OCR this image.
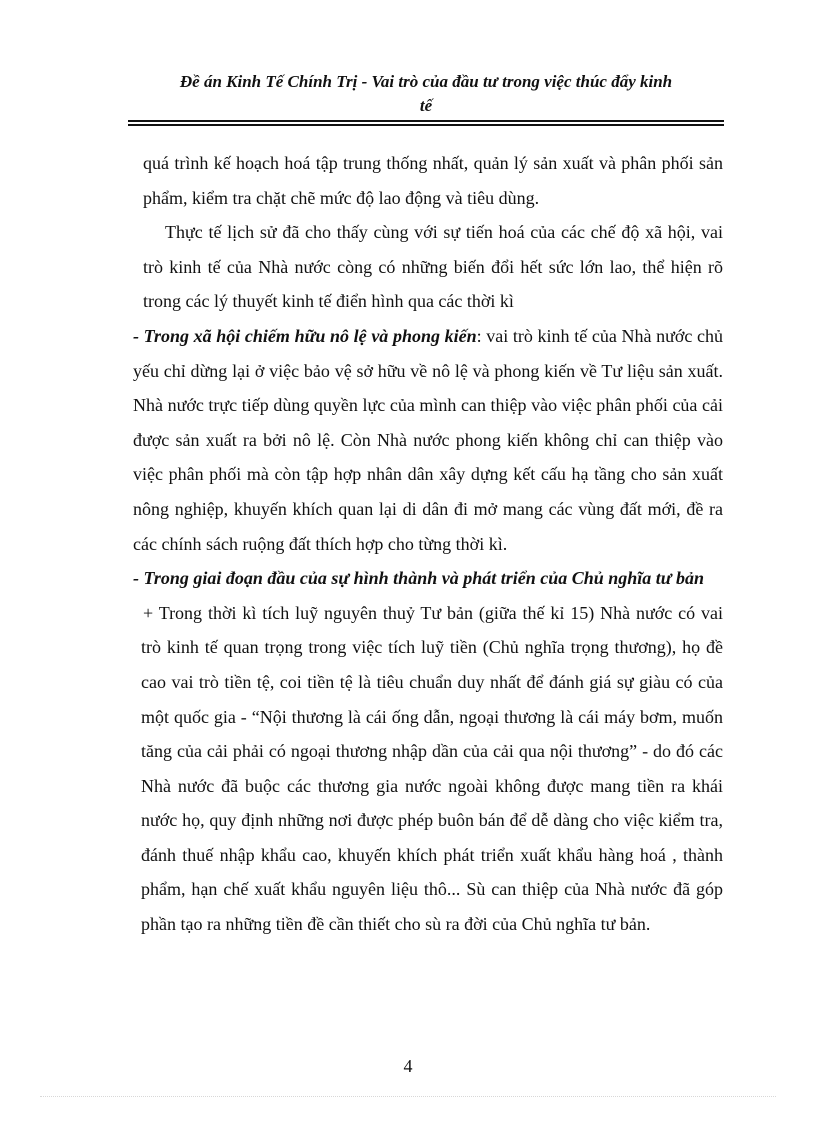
Đề án Kinh Tế Chính Trị - Vai trò của đầu tư trong việc thúc đẩy kinh
tế

quá trình kế hoạch hoá tập trung thống nhất, quản lý sản xuất và phân phối sản phẩm, kiểm tra chặt chẽ mức độ lao động và tiêu dùng.

Thực tế lịch sử đã cho thấy cùng với sự tiến hoá của các chế độ xã hội, vai trò kinh tế của Nhà nước còng có những biến đổi hết sức lớn lao, thể hiện rõ trong các lý thuyết kinh tế điển hình qua các thời kì

- Trong xã hội chiếm hữu nô lệ và phong kiến: vai trò kinh tế của Nhà nước chủ yếu chỉ dừng lại ở việc bảo vệ sở hữu về nô lệ và phong kiến về Tư liệu sản xuất. Nhà nước trực tiếp dùng quyền lực của mình can thiệp vào việc phân phối của cải được sản xuất ra bởi nô lệ. Còn Nhà nước phong kiến không chỉ can thiệp vào việc phân phối mà còn tập hợp nhân dân xây dựng kết cấu hạ tầng cho sản xuất nông nghiệp, khuyến khích quan lại di dân đi mở mang các vùng đất mới, đề ra các chính sách ruộng đất thích hợp cho từng thời kì.

- Trong giai đoạn đầu của sự hình thành và phát triển của Chủ nghĩa tư bản

+ Trong thời kì tích luỹ nguyên thuỷ Tư bản (giữa thế kỉ 15) Nhà nước có vai trò kinh tế quan trọng trong việc tích luỹ tiền (Chủ nghĩa trọng thương), họ đề cao vai trò tiền tệ, coi tiền tệ là tiêu chuẩn duy nhất để đánh giá sự giàu có của một quốc gia - “Nội thương là cái ống dẫn, ngoại thương là cái máy bơm, muốn tăng của cải phải có ngoại thương nhập dần của cải qua nội thương” - do đó các Nhà nước đã buộc các thương gia nước ngoài không được mang tiền ra khái nước họ, quy định những nơi được phép buôn bán để dễ dàng cho việc kiểm tra, đánh thuế nhập khẩu cao, khuyến khích phát triển xuất khẩu hàng hoá , thành phẩm, hạn chế xuất khẩu nguyên liệu thô... Sù can thiệp của Nhà nước đã góp phần tạo ra những tiền đề cần thiết cho sù ra đời của Chủ nghĩa tư bản.

4
